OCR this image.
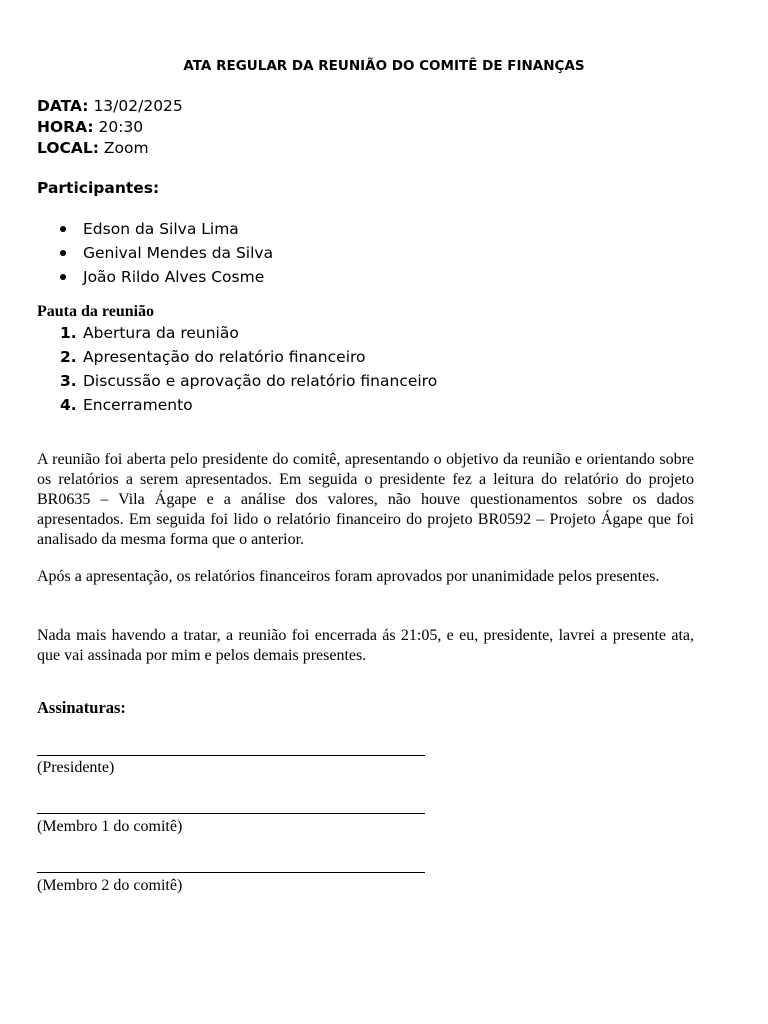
ATA REGULAR DA REUNIÃO DO COMITÊ DE FINANÇAS
DATA: 13/02/2025
HORA: 20:30
LOCAL: Zoom
Participantes:
Edson da Silva Lima
Genival Mendes da Silva
João Rildo Alves Cosme
Pauta da reunião
1. Abertura da reunião
2. Apresentação do relatório financeiro
3. Discussão e aprovação do relatório financeiro
4. Encerramento

A reunião foi aberta pelo presidente do comitê, apresentando o objetivo da reunião e orientando sobre os relatórios a serem apresentados. Em seguida o presidente fez a leitura do relatório do projeto BR0635 – Vila Ágape e a análise dos valores, não houve questionamentos sobre os dados apresentados. Em seguida foi lido o relatório financeiro do projeto BR0592 – Projeto Ágape que foi analisado da mesma forma que o anterior.

Após a apresentação, os relatórios financeiros foram aprovados por unanimidade pelos presentes.

Nada mais havendo a tratar, a reunião foi encerrada ás 21:05, e eu, presidente, lavrei a presente ata, que vai assinada por mim e pelos demais presentes.

Assinaturas:
(Presidente)
(Membro 1 do comitê)
(Membro 2 do comitê)
